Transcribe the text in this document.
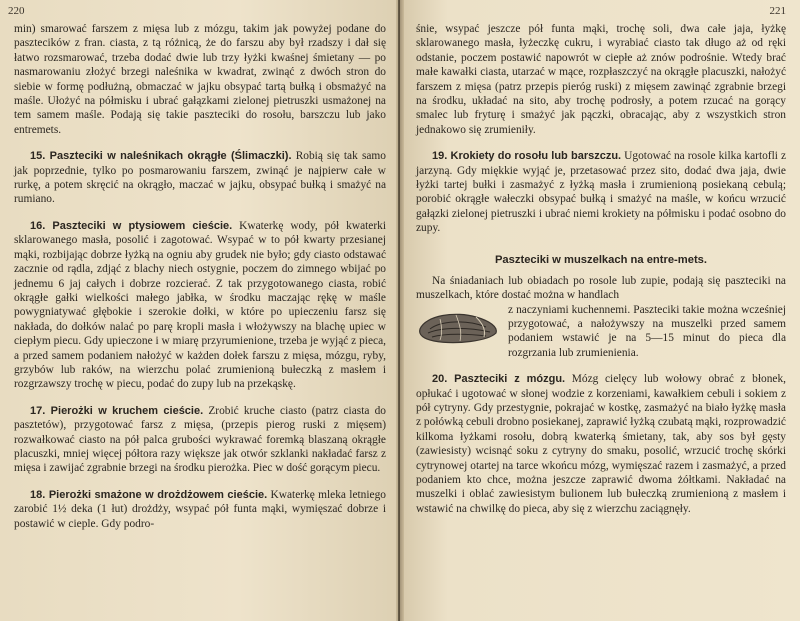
220

min) smarować farszem z mięsa lub z mózgu, takim jak powyżej podane do pasztecików z fran. ciasta, z tą różnicą, że do farszu aby był rzadszy i dał się łatwo rozsmarować, trzeba dodać dwie lub trzy łyżki kwaśnej śmietany — po nasmarowaniu złożyć brzegi naleśnika w kwadrat, zwinąć z dwóch stron do siebie w formę podłużną, obmaczać w jajku obsypać tartą bułką i obsmażyć na maśle. Ułożyć na półmisku i ubrać gałązkami zielonej pietruszki usmażonej na tem samem maśle. Podają się takie paszteciki do rosołu, barszczu lub jako entremets.

15. Paszteciki w naleśnikach okrągłe (Ślimaczki). Robią się tak samo jak poprzednie, tylko po posmarowaniu farszem, zwinąć je najpierw całe w rurkę, a potem skręcić na okrągło, maczać w jajku, obsypać bułką i smażyć na rumiano.

16. Paszteciki w ptysiowem cieście. Kwaterkę wody, pół kwaterki sklarowanego masła, posolić i zagotować. Wsypać w to pół kwarty przesianej mąki, rozbijając dobrze łyżką na ogniu aby grudek nie było; gdy ciasto odstawać zacznie od rądla, zdjąć z blachy niech ostygnie, poczem do zimnego wbijać po jednemu 6 jaj całych i dobrze rozcierać. Z tak przygotowanego ciasta, robić okrągłe gałki wielkości małego jabłka, w środku maczając rękę w maśle powygniatywać głębokie i szerokie dołki, w które po upieczeniu farsz się nakłada, do dołków nalać po parę kropli masła i włożywszy na blachę upiec w ciepłym piecu. Gdy upieczone i w miarę przyrumienione, trzeba je wyjąć z pieca, a przed samem podaniem nałożyć w każden dołek farszu z mięsa, mózgu, ryby, grzybów lub raków, na wierzchu polać zrumienioną bułeczką z masłem i rozgrzawszy trochę w piecu, podać do zupy lub na przekąskę.

17. Pierożki w kruchem cieście. Zrobić kruche ciasto (patrz ciasta do pasztetów), przygotować farsz z mięsa, (przepis pierog ruski z mięsem) rozwałkować ciasto na pół palca grubości wykrawać foremką blaszaną okrągłe placuszki, mniej więcej półtora razy większe jak otwór szklanki nakładać farsz z mięsa i zawijać zgrabnie brzegi na środku pierożka. Piec w dość gorącym piecu.

18. Pierożki smażone w drożdżowem cieście. Kwaterkę mleka letniego zarobić 1½ deka (1 łut) drożdży, wsypać pół funta mąki, wymięszać dobrze i postawić w cieple. Gdy podro-

221

śnie, wsypać jeszcze pół funta mąki, trochę soli, dwa całe jaja, łyżkę sklarowanego masła, łyżeczkę cukru, i wyrabiać ciasto tak długo aż od ręki odstanie, poczem postawić napowrót w ciepłe aż znów podrośnie. Wtedy brać małe kawałki ciasta, utarzać w mące, rozpłaszczyć na okrągłe placuszki, nałożyć farszem z mięsa (patrz przepis pieróg ruski) z mięsem zawinąć zgrabnie brzegi na środku, układać na sito, aby trochę podrosły, a potem rzucać na gorący smalec lub fryturę i smażyć jak pączki, obracając, aby z wszystkich stron jednakowo się zrumieniły.

19. Krokiety do rosołu lub barszczu. Ugotować na rosole kilka kartofli z jarzyną. Gdy miękkie wyjąć je, przetasować przez sito, dodać dwa jaja, dwie łyżki tartej bułki i zasmażyć z łyżką masła i zrumienioną posiekaną cebulą; porobić okrągłe wałeczki obsypać bułką i smażyć na maśle, w końcu wrzucić gałązki zielonej pietruszki i ubrać niemi krokiety na półmisku i podać osobno do zupy.

Paszteciki w muszelkach na entre-mets.

Na śniadaniach lub obiadach po rosole lub zupie, podają się paszteciki na muszelkach, które dostać można w handlach

z naczyniami kuchennemi. Paszteciki takie można wcześniej przygotować, a nałożywszy na muszelki przed samem podaniem wstawić je na 5—15 minut do pieca dla rozgrzania lub zrumienienia.

20. Paszteciki z mózgu. Mózg cielęcy lub wołowy obrać z błonek, opłukać i ugotować w słonej wodzie z korzeniami, kawałkiem cebuli i sokiem z pół cytryny. Gdy przestygnie, pokrajać w kostkę, zasmażyć na biało łyżkę masła z połówką cebuli drobno posiekanej, zaprawić łyżką czubatą mąki, rozprowadzić kilkoma łyżkami rosołu, dobrą kwaterką śmietany, tak, aby sos był gęsty (zawiesisty) wcisnąć soku z cytryny do smaku, posolić, wrzucić trochę skórki cytrynowej otartej na tarce wkońcu mózg, wymięszać razem i zasmażyć, a przed podaniem kto chce, można jeszcze zaprawić dwoma żółtkami. Nakładać na muszelki i oblać zawiesistym bulionem lub bułeczką zrumienioną z masłem i wstawić na chwilkę do pieca, aby się z wierzchu zaciągnęły.
